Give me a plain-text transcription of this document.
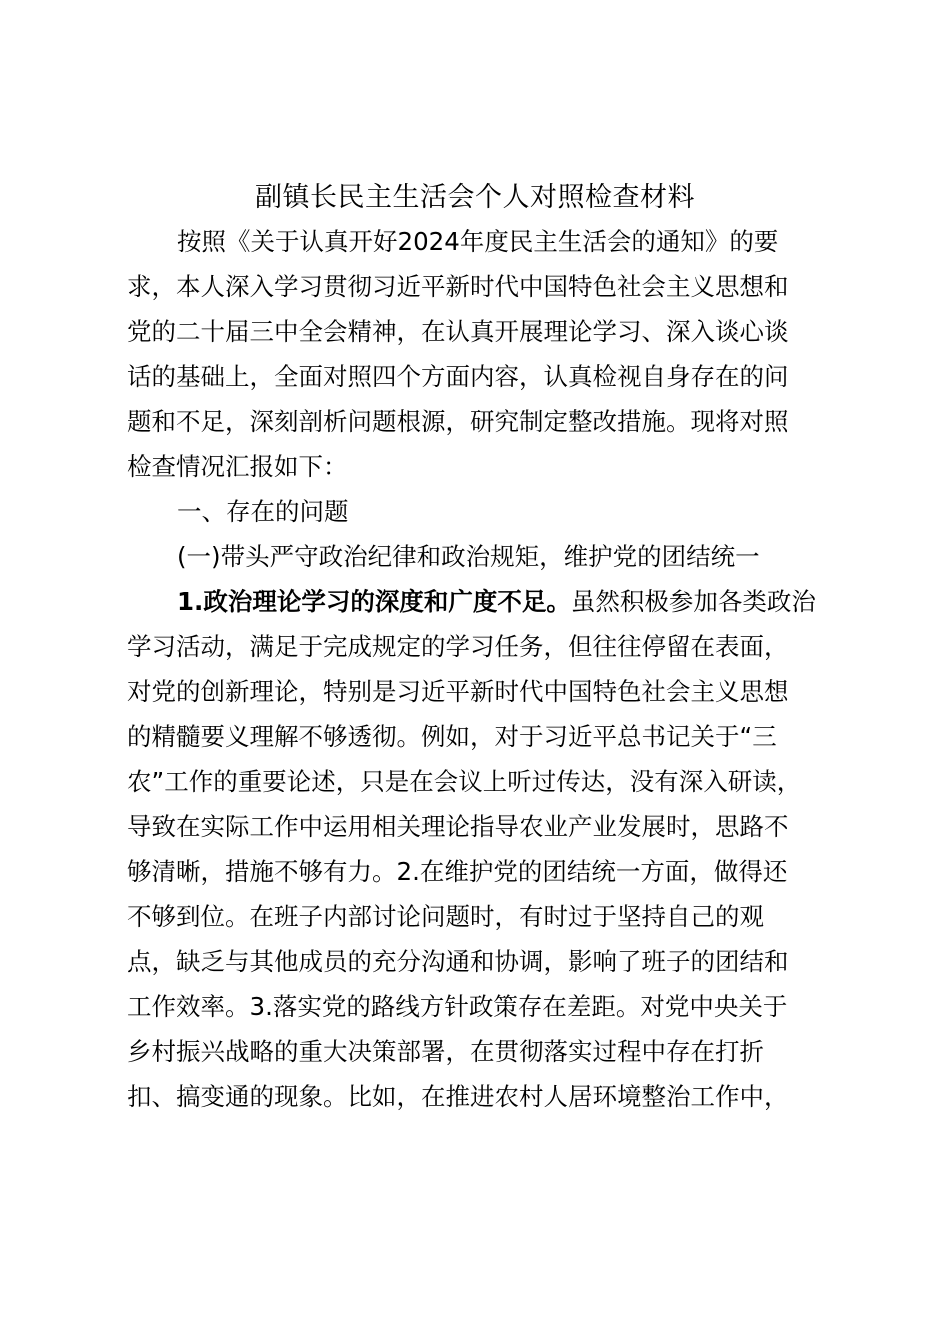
副镇长民主生活会个人对照检查材料
按照《关于认真开好2024年度民主生活会的通知》的要
求，本人深入学习贯彻习近平新时代中国特色社会主义思想和
党的二十届三中全会精神，在认真开展理论学习、深入谈心谈
话的基础上，全面对照四个方面内容，认真检视自身存在的问
题和不足，深刻剖析问题根源，研究制定整改措施。现将对照
检查情况汇报如下：
一、存在的问题
(一)带头严守政治纪律和政治规矩，维护党的团结统一
1.政治理论学习的深度和广度不足。虽然积极参加各类政治
学习活动，满足于完成规定的学习任务，但往往停留在表面，
对党的创新理论，特别是习近平新时代中国特色社会主义思想
的精髓要义理解不够透彻。例如，对于习近平总书记关于“三
农”工作的重要论述，只是在会议上听过传达，没有深入研读，
导致在实际工作中运用相关理论指导农业产业发展时，思路不
够清晰，措施不够有力。2.在维护党的团结统一方面，做得还
不够到位。在班子内部讨论问题时，有时过于坚持自己的观
点，缺乏与其他成员的充分沟通和协调，影响了班子的团结和
工作效率。3.落实党的路线方针政策存在差距。对党中央关于
乡村振兴战略的重大决策部署，在贯彻落实过程中存在打折
扣、搞变通的现象。比如，在推进农村人居环境整治工作中，
